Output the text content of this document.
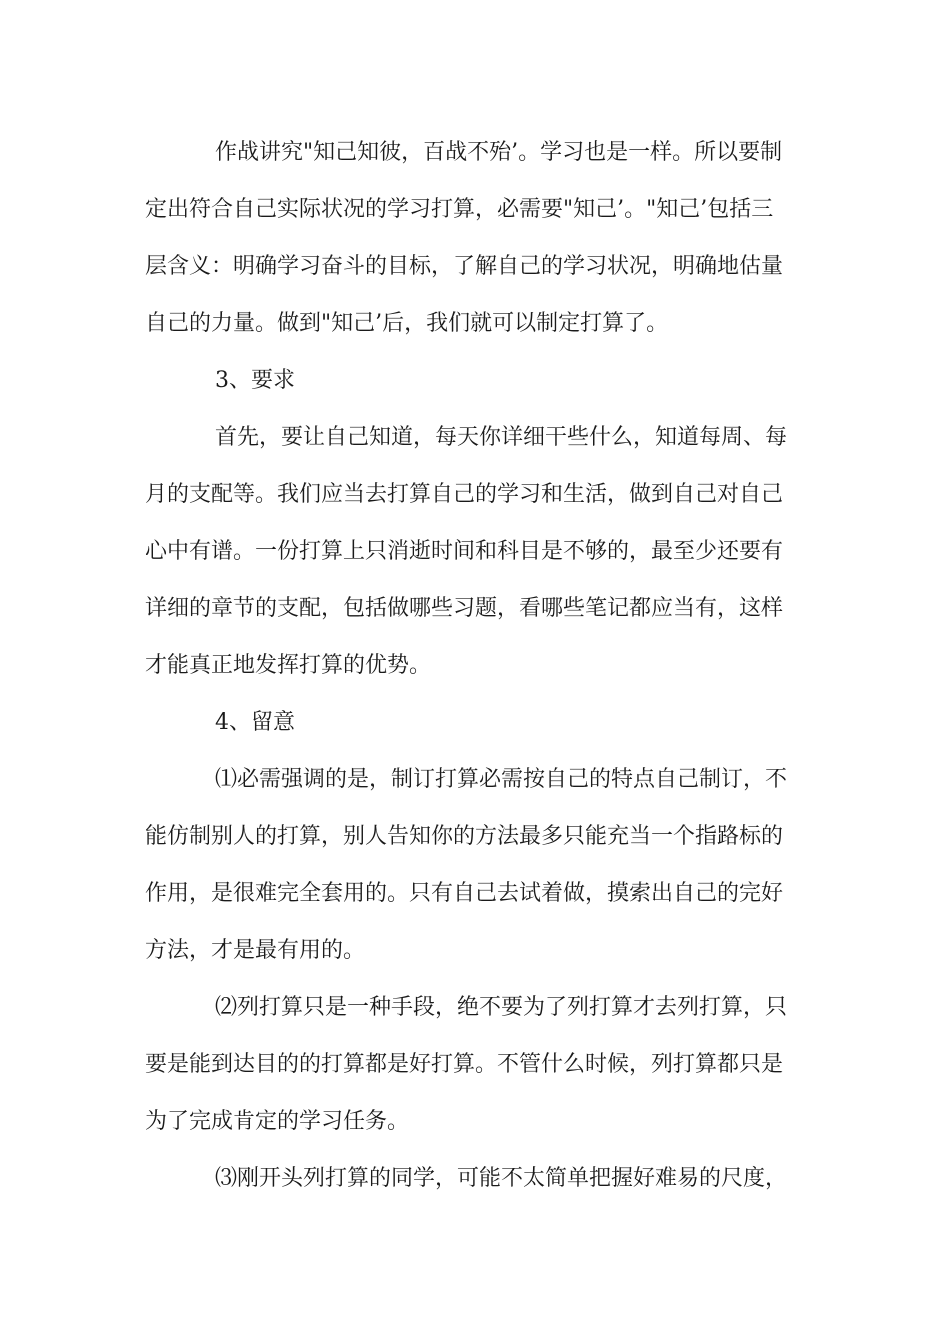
作战讲究"知己知彼，百战不殆’。学习也是一样。所以要制
定出符合自己实际状况的学习打算，必需要"知己’。"知己’包括三
层含义：明确学习奋斗的目标，了解自己的学习状况，明确地估量
自己的力量。做到"知己’后，我们就可以制定打算了。
3、要求
首先，要让自己知道，每天你详细干些什么，知道每周、每
月的支配等。我们应当去打算自己的学习和生活，做到自己对自己
心中有谱。一份打算上只消逝时间和科目是不够的，最至少还要有
详细的章节的支配，包括做哪些习题，看哪些笔记都应当有，这样
才能真正地发挥打算的优势。
4、留意
⑴必需强调的是，制订打算必需按自己的特点自己制订，不
能仿制别人的打算，别人告知你的方法最多只能充当一个指路标的
作用，是很难完全套用的。只有自己去试着做，摸索出自己的完好
方法，才是最有用的。
⑵列打算只是一种手段，绝不要为了列打算才去列打算，只
要是能到达目的的打算都是好打算。不管什么时候，列打算都只是
为了完成肯定的学习任务。
⑶刚开头列打算的同学，可能不太简单把握好难易的尺度，
